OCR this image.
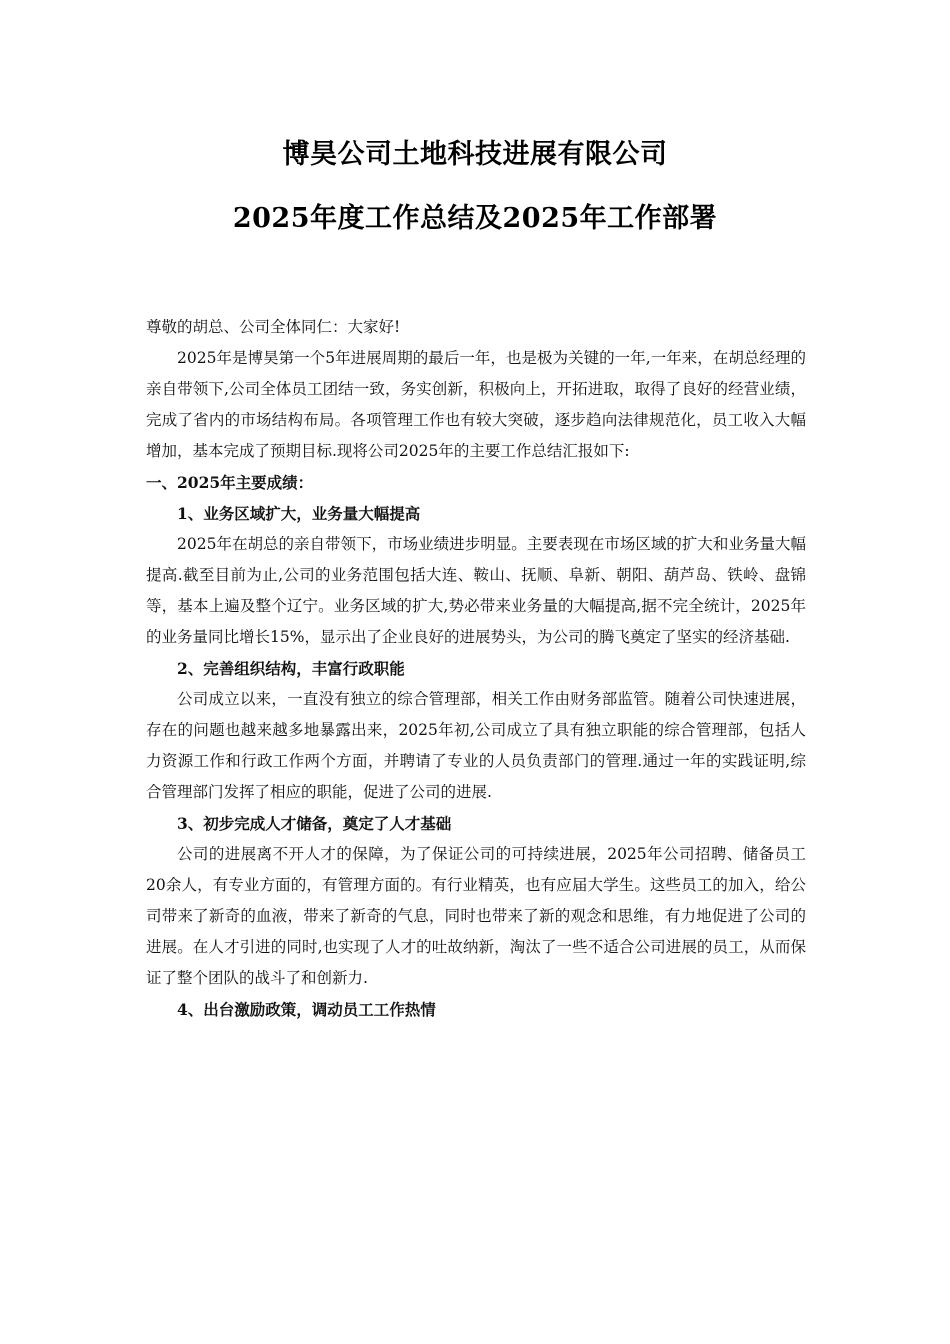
博昊公司土地科技进展有限公司
2025年度工作总结及2025年工作部署

尊敬的胡总、公司全体同仁：大家好!

2025年是博昊第一个5年进展周期的最后一年，也是极为关键的一年,一年来，在胡总经理的亲自带领下,公司全体员工团结一致，务实创新，积极向上，开拓进取，取得了良好的经营业绩，完成了省内的市场结构布局。各项管理工作也有较大突破，逐步趋向法律规范化，员工收入大幅增加，基本完成了预期目标.现将公司2025年的主要工作总结汇报如下:

一、2025年主要成绩：

1、业务区域扩大，业务量大幅提高

2025年在胡总的亲自带领下，市场业绩进步明显。主要表现在市场区域的扩大和业务量大幅提高.截至目前为止,公司的业务范围包括大连、鞍山、抚顺、阜新、朝阳、葫芦岛、铁岭、盘锦等，基本上遍及整个辽宁。业务区域的扩大,势必带来业务量的大幅提高,据不完全统计，2025年的业务量同比增长15%，显示出了企业良好的进展势头，为公司的腾飞奠定了坚实的经济基础.

2、完善组织结构，丰富行政职能

公司成立以来，一直没有独立的综合管理部，相关工作由财务部监管。随着公司快速进展，存在的问题也越来越多地暴露出来，2025年初,公司成立了具有独立职能的综合管理部，包括人力资源工作和行政工作两个方面，并聘请了专业的人员负责部门的管理.通过一年的实践证明,综合管理部门发挥了相应的职能，促进了公司的进展.

3、初步完成人才储备，奠定了人才基础

公司的进展离不开人才的保障，为了保证公司的可持续进展，2025年公司招聘、储备员工20余人，有专业方面的，有管理方面的。有行业精英，也有应届大学生。这些员工的加入，给公司带来了新奇的血液，带来了新奇的气息，同时也带来了新的观念和思维，有力地促进了公司的进展。在人才引进的同时,也实现了人才的吐故纳新，淘汰了一些不适合公司进展的员工，从而保证了整个团队的战斗了和创新力.

4、出台激励政策，调动员工工作热情
